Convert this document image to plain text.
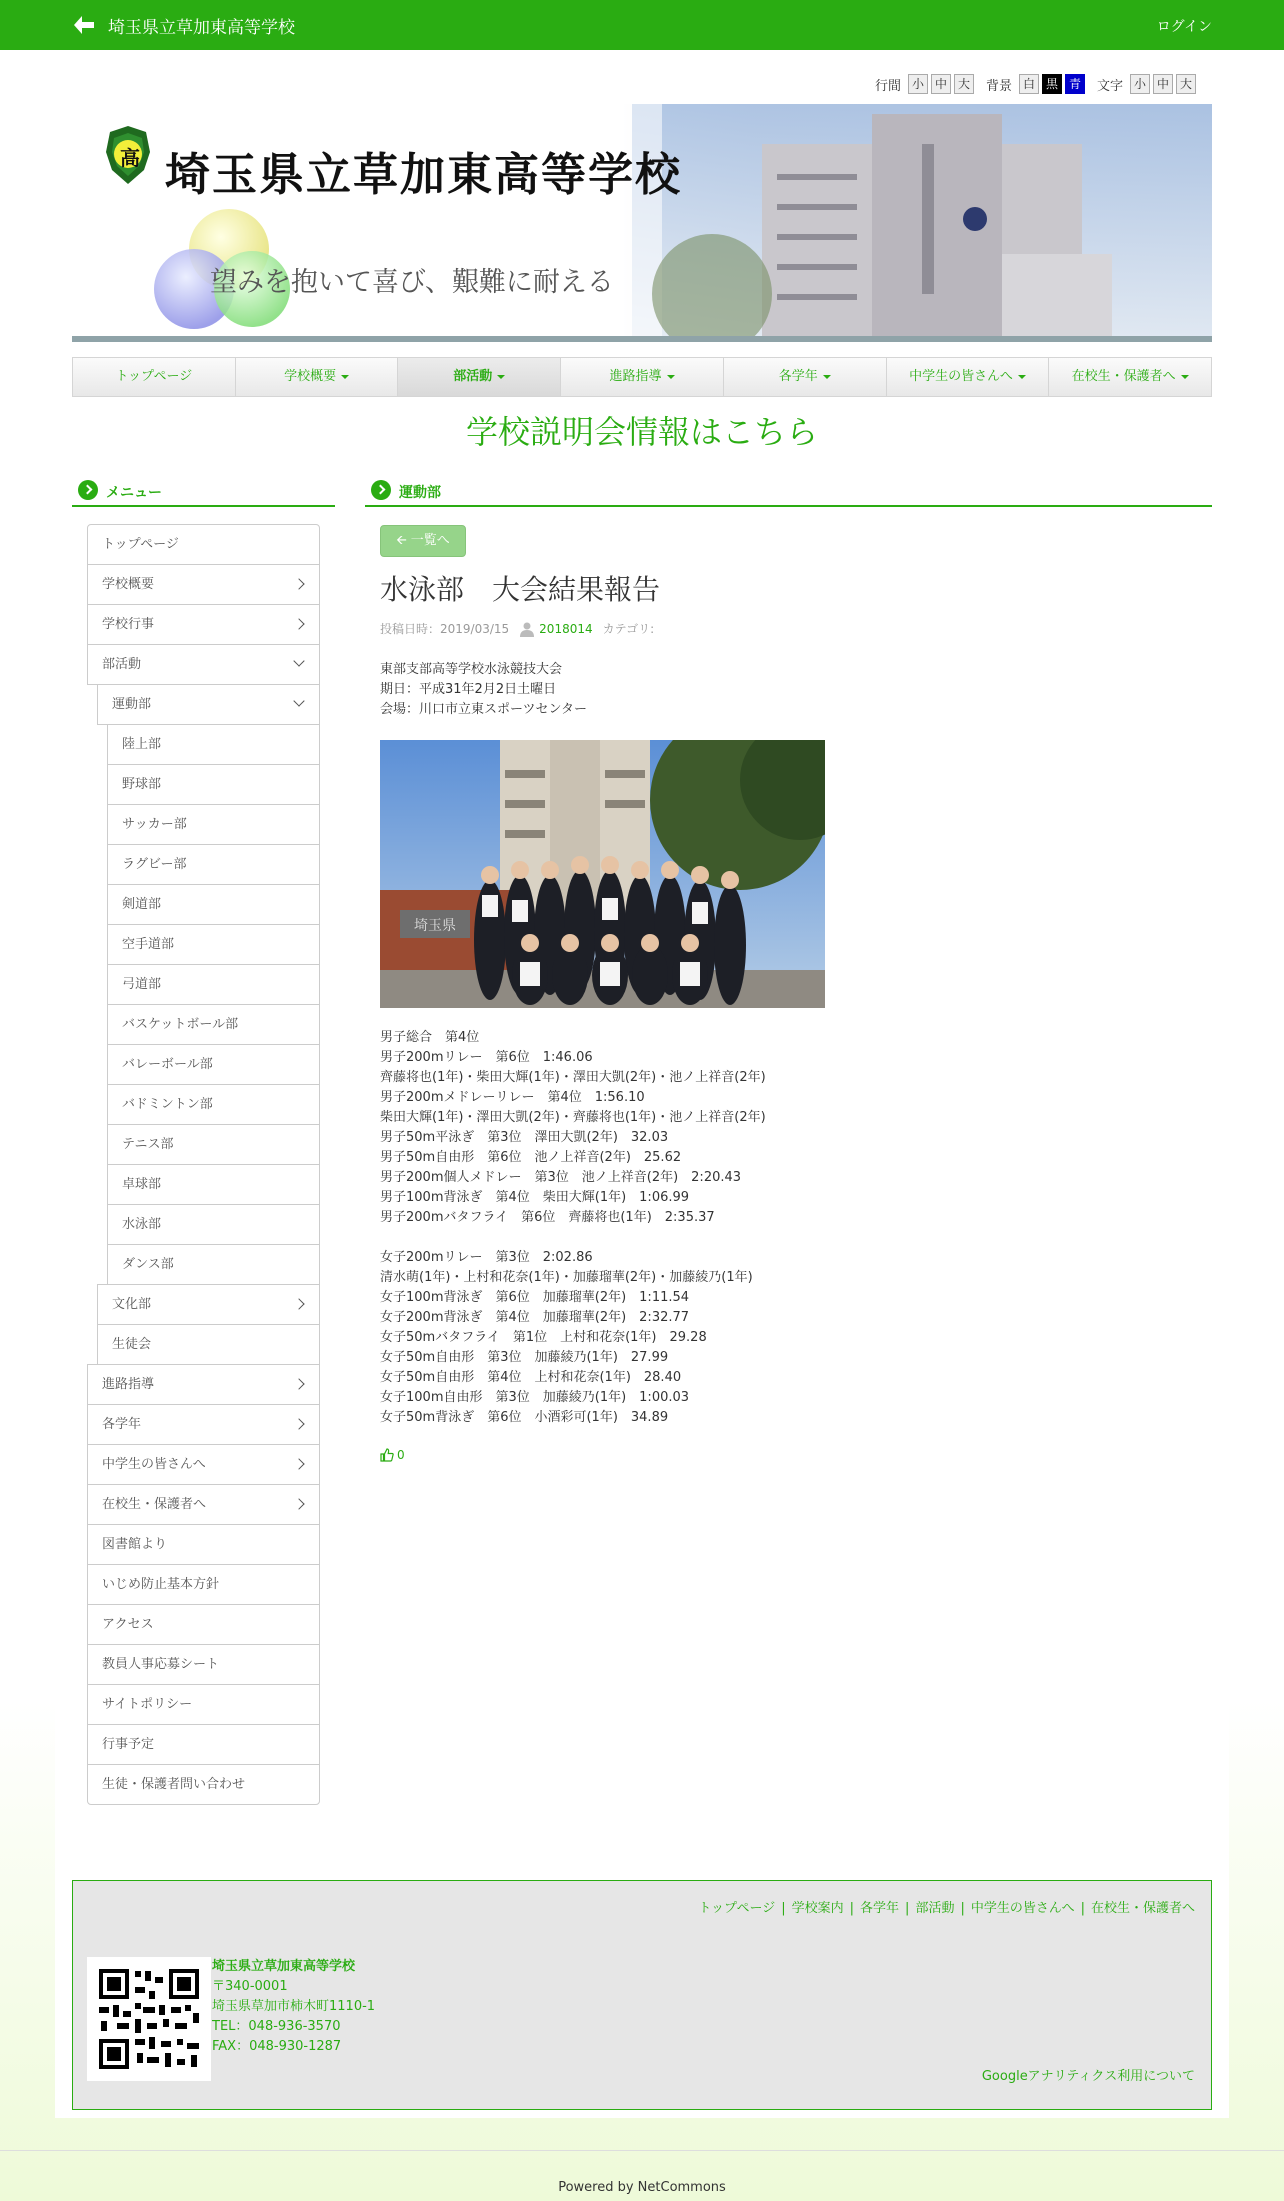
埼玉県立草加東高等学校	ログイン
行間 小 中 大	背景 白 黒 青	文字 小 中 大
高 埼玉県立草加東高等学校
望みを抱いて喜び、艱難に耐える
トップページ	学校概要	部活動	進路指導	各学年	中学生の皆さんへ	在校生・保護者へ
学校説明会情報はこちら
メニュー	運動部
トップページ
学校概要
学校行事
部活動
運動部
陸上部
野球部
サッカー部
ラグビー部
剣道部
空手道部
弓道部
バスケットボール部
バレーボール部
バドミントン部
テニス部
卓球部
水泳部
ダンス部
文化部
生徒会
進路指導
各学年
中学生の皆さんへ
在校生・保護者へ
図書館より
いじめ防止基本方針
アクセス
教員人事応募シート
サイトポリシー
行事予定
生徒・保護者問い合わせ
🡨 一覧へ
水泳部　大会結果報告
投稿日時：2019/03/15	2018014 カテゴリ:
東部支部高等学校水泳競技大会
期日：平成31年2月2日土曜日
会場：川口市立東スポーツセンター
埼玉県
男子総合　第4位
男子200mリレー　第6位　1:46.06
齊藤将也(1年)・柴田大輝(1年)・澤田大凱(2年)・池ノ上祥音(2年)
男子200mメドレーリレー　第4位　1:56.10
柴田大輝(1年)・澤田大凱(2年)・齊藤将也(1年)・池ノ上祥音(2年)
男子50m平泳ぎ　第3位　澤田大凱(2年)　32.03
男子50m自由形　第6位　池ノ上祥音(2年)　25.62
男子200m個人メドレー　第3位　池ノ上祥音(2年)　2:20.43
男子100m背泳ぎ　第4位　柴田大輝(1年)　1:06.99
男子200mバタフライ　第6位　齊藤将也(1年)　2:35.37
女子200mリレー　第3位　2:02.86
清水萌(1年)・上村和花奈(1年)・加藤瑠華(2年)・加藤綾乃(1年)
女子100m背泳ぎ　第6位　加藤瑠華(2年)　1:11.54
女子200m背泳ぎ　第4位　加藤瑠華(2年)　2:32.77
女子50mバタフライ　第1位　上村和花奈(1年)　29.28
女子50m自由形　第3位　加藤綾乃(1年)　27.99
女子50m自由形　第4位　上村和花奈(1年)　28.40
女子100m自由形　第3位　加藤綾乃(1年)　1:00.03
女子50m背泳ぎ　第6位　小酒彩可(1年)　34.89
0
トップページ | 学校案内 | 各学年 | 部活動 | 中学生の皆さんへ | 在校生・保護者へ
埼玉県立草加東高等学校
〒340-0001
埼玉県草加市柿木町1110-1
TEL：048-936-3570
FAX：048-930-1287
Googleアナリティクス利用について
Powered by NetCommons
